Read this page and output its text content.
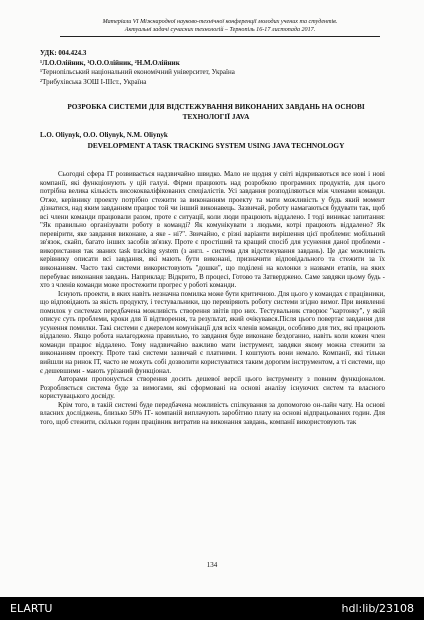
Матеріали VI Міжнародної науково-технічної конференції молодих учених та студентів.
Актуальні задачі сучасних технологій – Тернопіль 16-17 листопада 2017.
УДК: 004.424.3
¹Л.О.Олійник, ¹О.О.Олійник, ²Н.М.Олійник
¹Тернопільський національний економічний університет, Україна
²Трибухівська ЗОШ І-ІІІст., Україна
РОЗРОБКА СИСТЕМИ ДЛЯ ВІДСТЕЖУВАННЯ ВИКОНАНИХ ЗАВДАНЬ НА ОСНОВІ ТЕХНОЛОГІЇ JAVA
L.O. Oliynyk, O.O. Oliynyk, N.M. Oliynyk
DEVELOPMENT A TASK TRACKING SYSTEM USING JAVA TECHNOLOGY

Сьогодні сфера ІТ розвивається надзвичайно швидко. Мало не щодня у світі відкриваються все нові і нові компанії, які функціонують у цій галузі. Фірми працюють над розробкою програмних продуктів, для цього потрібна велика кількість висококваліфікованих спеціалістів. Усі завдання розподіляються між членами команди. Отже, керівнику проекту потрібно стежити за виконанням проекту та мати можливість у будь який момент дізнатися, над яким завданням працює той чи інший виконавець. Зазвичай, роботу намагаються будувати так, щоб всі члени команди працювали разом, проте є ситуації, коли люди працюють віддалено. І тоді виникає запитання: "Як правильно організувати роботу в команді? Як комунікувати з людьми, котрі працюють віддалено? Як перевірити, яке завдання виконане, а яке - ні?". Звичайно, є різні варіанти вирішення цієї проблеми: мобільний зв'язок, скайп, багато інших засобів зв'язку. Проте є простіший та кращий спосіб для усунення даної проблеми - використання так званих task tracking system (з англ. - система для відстежування завдань). Це дає можливість керівнику описати всі завдання, які мають бути виконані, призначити відповідального та стежити за їх виконанням. Часто такі системи використовують "дошки", що поділені на колонки з назвами етапів, на яких перебуває виконання завдань. Наприклад: Відкрито, В процесі, Готово та Затверджено. Саме завдяки цьому будь - хто з членів команди може простежити прогрес у роботі команди.

Існують проекти, в яких навіть незначна помилка може бути критичною. Для цього у командах є працівники, що відповідають за якість продукту, і тестувальники, що перевіряють роботу системи згідно вимог. При виявленні помилок у системах передбачена можливість створення звітів про них. Тестувальник створює "картонку", у якій описує суть проблеми, кроки для її відтворення, та результат, який очікувався.Після цього повертає завдання для усунення помилки. Такі системи є джерелом комунікації для всіх членів команди, особливо для тих, які працюють віддалено. Якщо робота налагоджена правильно, то завдання буде виконане бездоганно, навіть коли кожен член команди працює віддалено. Тому надзвичайно важливо мати інструмент, завдяки якому можна стежити за виконанням проекту. Проте такі системи зазвичай є платними. І коштують вони немало. Компанії, які тільки вийшли на ринок ІТ, часто не можуть собі дозволити користуватися таким дорогим інструментом, а ті системи, що є дешевшими - мають урізаний функціонал.

Авторами пропонується створення досить дешевої версії цього інструменту з повним функціоналом. Розробляється система буде за вимогами, які сформовані на основі аналізу існуючих систем та власного користувацького досвіду.

Крім того, в такій системі буде передбачена можливість спілкування за допомогою он-лайн чату. На основі власних досліджень, близько 50% ІТ- компаній виплачують заробітню плату на основі відпрацьованих годин. Для того, щоб стежити, скільки годин працівник витратив на виконання завдань, компанії використовують так

134
ELARTU	hdl:lib/23108
